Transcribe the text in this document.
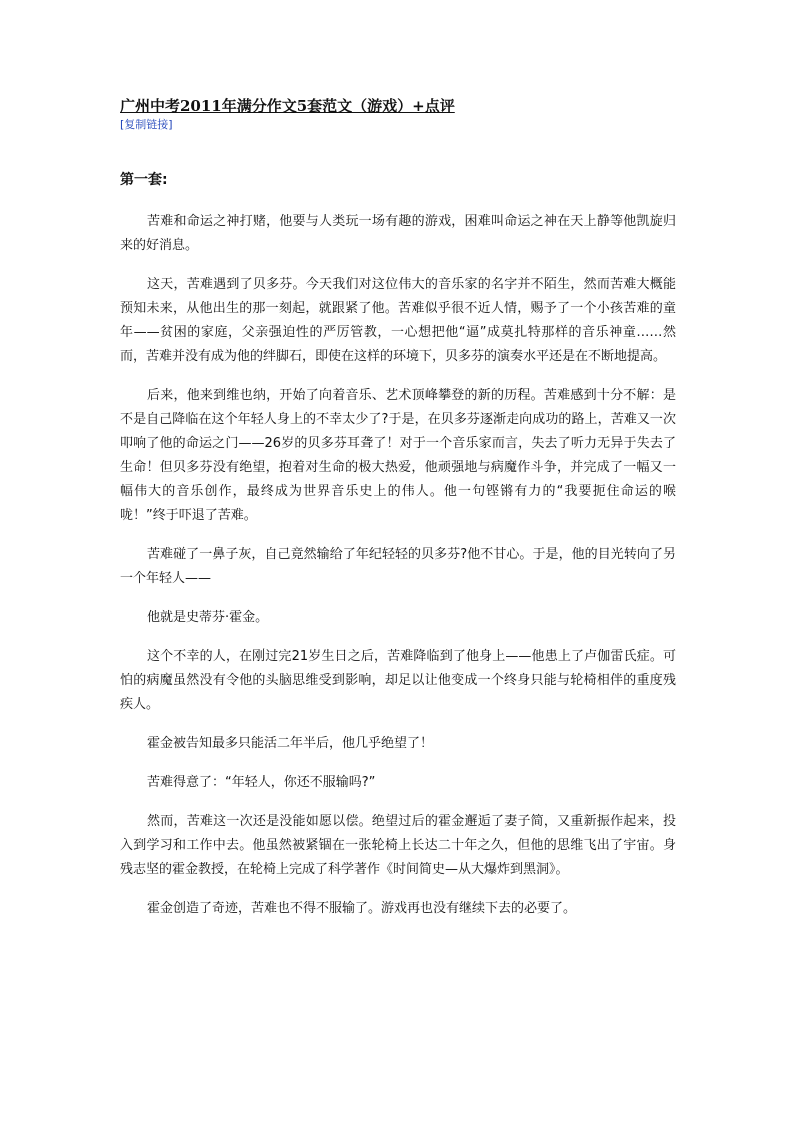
广州中考2011年满分作文5套范文（游戏）+点评
[复制链接]
第一套:

苦难和命运之神打赌，他要与人类玩一场有趣的游戏，困难叫命运之神在天上静等他凯旋归来的好消息。

这天，苦难遇到了贝多芬。今天我们对这位伟大的音乐家的名字并不陌生，然而苦难大概能预知未来，从他出生的那一刻起，就跟紧了他。苦难似乎很不近人情，赐予了一个小孩苦难的童年——贫困的家庭，父亲强迫性的严厉管教，一心想把他“逼”成莫扎特那样的音乐神童……然而，苦难并没有成为他的绊脚石，即使在这样的环境下，贝多芬的演奏水平还是在不断地提高。

后来，他来到维也纳，开始了向着音乐、艺术顶峰攀登的新的历程。苦难感到十分不解：是不是自己降临在这个年轻人身上的不幸太少了?于是，在贝多芬逐渐走向成功的路上，苦难又一次叩响了他的命运之门——26岁的贝多芬耳聋了！对于一个音乐家而言，失去了听力无异于失去了生命！但贝多芬没有绝望，抱着对生命的极大热爱，他顽强地与病魔作斗争，并完成了一幅又一幅伟大的音乐创作，最终成为世界音乐史上的伟人。他一句铿锵有力的“我要扼住命运的喉咙！”终于吓退了苦难。

苦难碰了一鼻子灰，自己竟然输给了年纪轻轻的贝多芬?他不甘心。于是，他的目光转向了另一个年轻人——

他就是史蒂芬·霍金。

这个不幸的人，在刚过完21岁生日之后，苦难降临到了他身上——他患上了卢伽雷氏症。可怕的病魔虽然没有令他的头脑思维受到影响，却足以让他变成一个终身只能与轮椅相伴的重度残疾人。

霍金被告知最多只能活二年半后，他几乎绝望了！

苦难得意了：“年轻人，你还不服输吗?”

然而，苦难这一次还是没能如愿以偿。绝望过后的霍金邂逅了妻子简，又重新振作起来，投入到学习和工作中去。他虽然被紧锢在一张轮椅上长达二十年之久，但他的思维飞出了宇宙。身残志坚的霍金教授，在轮椅上完成了科学著作《时间简史—从大爆炸到黑洞》。

霍金创造了奇迹，苦难也不得不服输了。游戏再也没有继续下去的必要了。
